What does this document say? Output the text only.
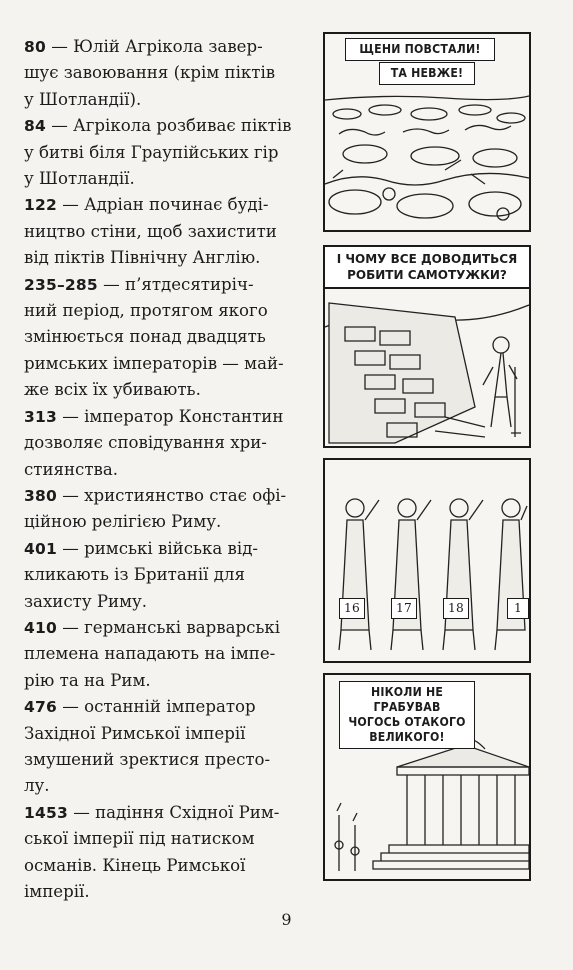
80 — Юлій Агрікола завер-
шує завоювання (крім піктів
у Шотландії).

84 — Агрікола розбиває піктів
у битві біля Граупійських гір
у Шотландії.

122 — Адріан починає буді-
ництво стіни, щоб захистити
від піктів Північну Англію.

235–285 — п’ятдесятиріч-
ний період, протягом якого
змінюється понад двадцять
римських імператорів — май-
же всіх їх убивають.

313 — імператор Константин
дозволяє сповідування хри-
стиянства.

380 — християнство стає офі-
ційною релігією Риму.

401 — римські війська від-
кликають із Британії для
захисту Риму.

410 — германські варварські
племена нападають на імпе-
рію та на Рим.

476 — останній імператор
Західної Римської імперії
змушений зректися престо-
лу.

1453 — падіння Східної Рим-
ської імперії під натиском
османів. Кінець Римської
імперії.

ЩЕНИ ПОВСТАЛИ!
ТА НЕВЖЕ!
І ЧОМУ ВСЕ ДОВОДИТЬСЯ
РОБИТИ САМОТУЖКИ?
16	17	18	1
НІКОЛИ НЕ ГРАБУВАВ
ЧОГОСЬ ОТАКОГО
ВЕЛИКОГО!
9
